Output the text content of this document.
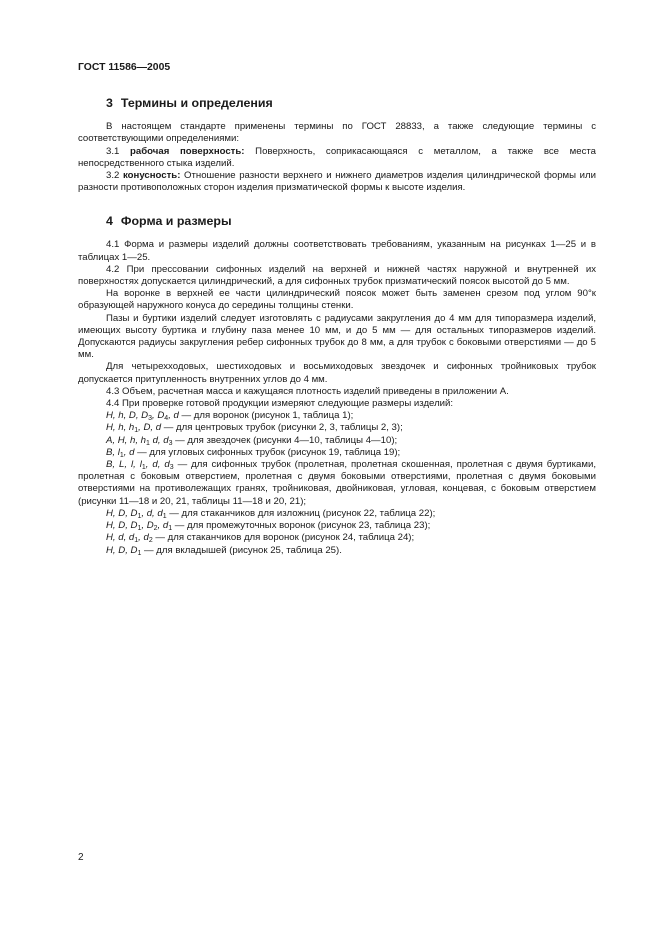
ГОСТ 11586—2005
3 Термины и определения

В настоящем стандарте применены термины по ГОСТ 28833, а также следующие термины с соответствующими определениями:

3.1 рабочая поверхность: Поверхность, соприкасающаяся с металлом, а также все места непосредственного стыка изделий.

3.2 конусность: Отношение разности верхнего и нижнего диаметров изделия цилиндрической формы или разности противоположных сторон изделия призматической формы к высоте изделия.

4 Форма и размеры

4.1 Форма и размеры изделий должны соответствовать требованиям, указанным на рисунках 1—25 и в таблицах 1—25.

4.2 При прессовании сифонных изделий на верхней и нижней частях наружной и внутренней их поверхностях допускается цилиндрический, а для сифонных трубок призматический поясок высотой до 5 мм.

На воронке в верхней ее части цилиндрический поясок может быть заменен срезом под углом 90°к образующей наружного конуса до середины толщины стенки.

Пазы и буртики изделий следует изготовлять с радиусами закругления до 4 мм для типоразмера изделий, имеющих высоту буртика и глубину паза менее 10 мм, и до 5 мм — для остальных типоразмеров изделий. Допускаются радиусы закругления ребер сифонных трубок до 8 мм, а для трубок с боковыми отверстиями — до 5 мм.

Для четырехходовых, шестиходовых и восьмиходовых звездочек и сифонных тройниковых трубок допускается притупленность внутренних углов до 4 мм.

4.3 Объем, расчетная масса и кажущаяся плотность изделий приведены в приложении А.

4.4 При проверке готовой продукции измеряют следующие размеры изделий:

H, h, D, $D_3$, $D_4$, d — для воронок (рисунок 1, таблица 1);

H, h, $h_1$, D, d — для центровых трубок (рисунки 2, 3, таблицы 2, 3);

A, H, h, $h_1$ d, $d_3$ — для звездочек (рисунки 4—10, таблицы 4—10);

B, $l_1$, d — для угловых сифонных трубок (рисунок 19, таблица 19);

B, L, l, $l_1$, d, $d_3$ — для сифонных трубок (пролетная, пролетная скошенная, пролетная с двумя буртиками, пролетная с боковым отверстием, пролетная с двумя боковыми отверстиями, пролетная с двумя боковыми отверстиями на противолежащих гранях, тройниковая, двойниковая, угловая, концевая, с боковым отверстием (рисунки 11—18 и 20, 21, таблицы 11—18 и 20, 21);

H, D, $D_1$, d, $d_1$ — для стаканчиков для изложниц (рисунок 22, таблица 22);

H, D, $D_1$, $D_2$, $d_1$ — для промежуточных воронок (рисунок 23, таблица 23);

H, d, $d_1$, $d_2$ — для стаканчиков для воронок (рисунок 24, таблица 24);

H, D, $D_1$ — для вкладышей (рисунок 25, таблица 25).

2
